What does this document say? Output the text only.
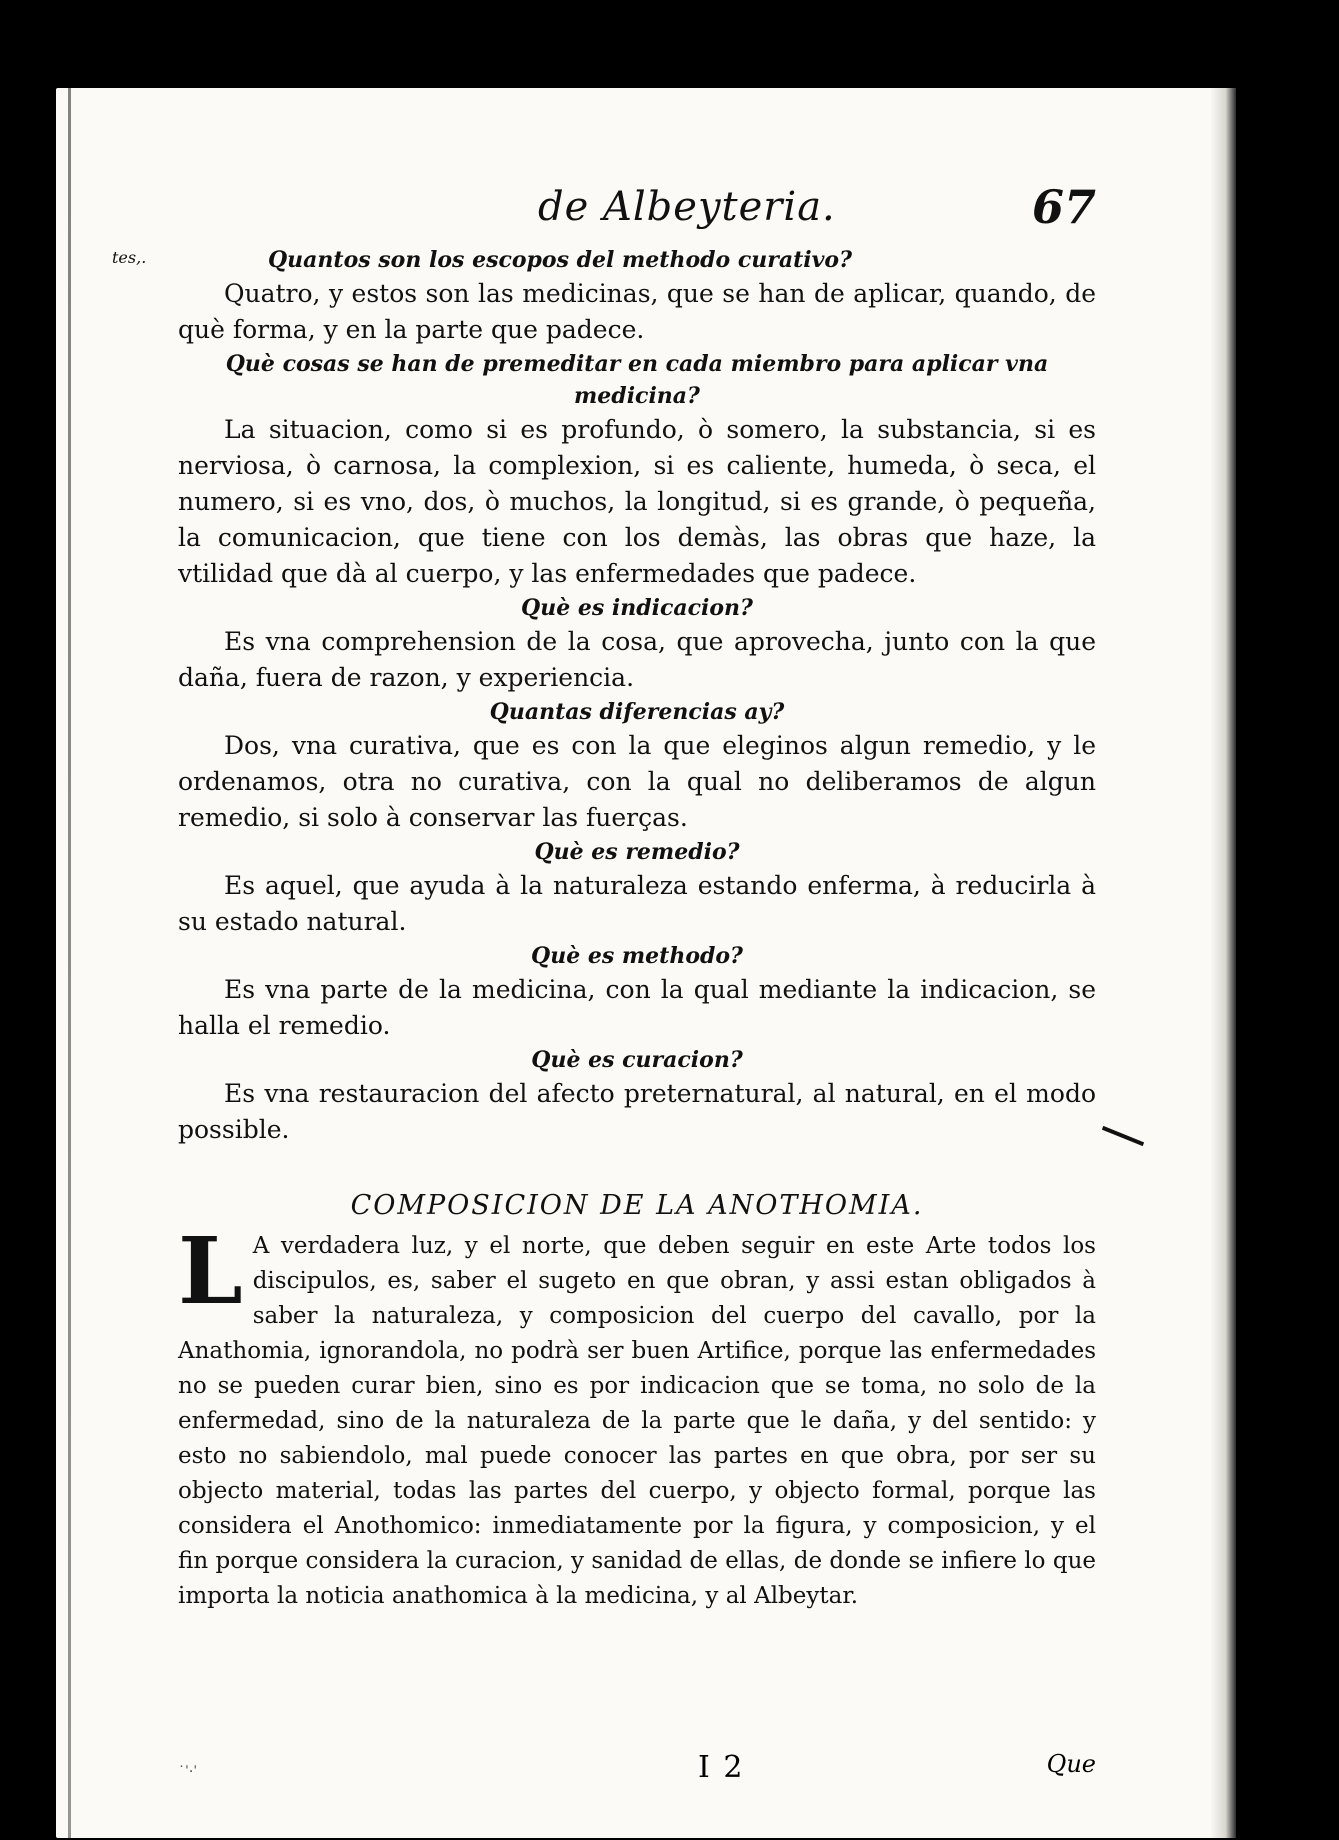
de Albeyteria.	67
tes,.	Quantos son los escopos del methodo curativo?

Quatro, y estos son las medicinas, que se han de aplicar, quando, de què forma, y en la parte que padece.

Què cosas se han de premeditar en cada miembro para aplicar vna medicina?

La situacion, como si es profundo, ò somero, la substancia, si es nerviosa, ò carnosa, la complexion, si es caliente, humeda, ò seca, el numero, si es vno, dos, ò muchos, la longitud, si es grande, ò pequeña, la comunicacion, que tiene con los demàs, las obras que haze, la vtilidad que dà al cuerpo, y las enfermedades que padece.

Què es indicacion?

Es vna comprehension de la cosa, que aprovecha, junto con la que daña, fuera de razon, y experiencia.

Quantas diferencias ay?

Dos, vna curativa, que es con la que eleginos algun remedio, y le ordenamos, otra no curativa, con la qual no deliberamos de algun remedio, si solo à conservar las fuerças.

Què es remedio?

Es aquel, que ayuda à la naturaleza estando enferma, à reducirla à su estado natural.

Què es methodo?

Es vna parte de la medicina, con la qual mediante la indicacion, se halla el remedio.

Què es curacion?

Es vna restauracion del afecto preternatural, al natural, en el modo possible.

COMPOSICION DE LA ANOTHOMIA.
L A verdadera luz, y el norte, que deben seguir en este Arte todos los discipulos, es, saber el sugeto en que obran, y assi estan obligados à saber la naturaleza, y composicion del cuerpo del cavallo, por la Anathomia, ignorandola, no podrà ser buen Artifice, porque las enfermedades no se pueden curar bien, sino es por indicacion que se toma, no solo de la enfermedad, sino de la naturaleza de la parte que le daña, y del sentido: y esto no sabiendolo, mal puede conocer las partes en que obra, por ser su objecto material, todas las partes del cuerpo, y objecto formal, porque las considera el Anothomico: inmediatamente por la figura, y composicion, y el fin porque considera la curacion, y sanidad de ellas, de donde se infiere lo que importa la noticia anathomica à la medicina, y al Albeytar.
˙ˈ·ˈ	I 2	Que
